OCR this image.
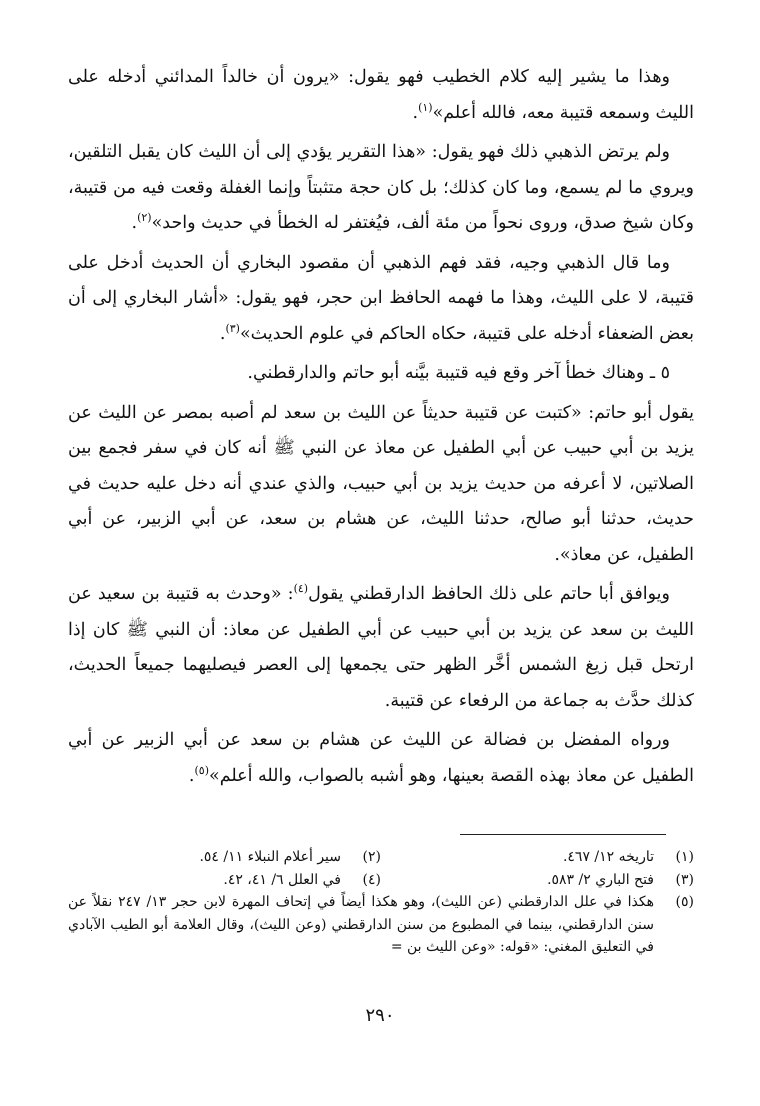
وهذا ما يشير إليه كلام الخطيب فهو يقول: «يرون أن خالداً المدائني أدخله على الليث وسمعه قتيبة معه، فالله أعلم»$^{(١)}$.

ولم يرتض الذهبي ذلك فهو يقول: «هذا التقرير يؤدي إلى أن الليث كان يقبل التلقين، ويروي ما لم يسمع، وما كان كذلك؛ بل كان حجة متثبتاً وإنما الغفلة وقعت فيه من قتيبة، وكان شيخ صدق، وروى نحواً من مئة ألف، فيُغتفر له الخطأ في حديث واحد»$^{(٢)}$.

وما قال الذهبي وجيه، فقد فهم الذهبي أن مقصود البخاري أن الحديث أدخل على قتيبة، لا على الليث، وهذا ما فهمه الحافظ ابن حجر، فهو يقول: «أشار البخاري إلى أن بعض الضعفاء أدخله على قتيبة، حكاه الحاكم في علوم الحديث»$^{(٣)}$.

٥ ـ وهناك خطأ آخر وقع فيه قتيبة بيَّنه أبو حاتم والدارقطني.

يقول أبو حاتم: «كتبت عن قتيبة حديثاً عن الليث بن سعد لم أصبه بمصر عن الليث عن يزيد بن أبي حبيب عن أبي الطفيل عن معاذ عن النبي ﷺ أنه كان في سفر فجمع بين الصلاتين، لا أعرفه من حديث يزيد بن أبي حبيب، والذي عندي أنه دخل عليه حديث في حديث، حدثنا أبو صالح، حدثنا الليث، عن هشام بن سعد، عن أبي الزبير، عن أبي الطفيل، عن معاذ».

ويوافق أبا حاتم على ذلك الحافظ الدارقطني يقول$^{(٤)}$: «وحدث به قتيبة بن سعيد عن الليث بن سعد عن يزيد بن أبي حبيب عن أبي الطفيل عن معاذ: أن النبي ﷺ كان إذا ارتحل قبل زيغ الشمس أخَّر الظهر حتى يجمعها إلى العصر فيصليهما جميعاً الحديث، كذلك حدَّث به جماعة من الرفعاء عن قتيبة.

ورواه المفضل بن فضالة عن الليث عن هشام بن سعد عن أبي الزبير عن أبي الطفيل عن معاذ بهذه القصة بعينها، وهو أشبه بالصواب، والله أعلم»$^{(٥)}$.

(١)
تاريخه ١٢/ ٤٦٧.
(٢)
سير أعلام النبلاء ١١/ ٥٤.
(٣)
فتح الباري ٢/ ٥٨٣.
(٤)
في العلل ٦/ ٤١، ٤٢.
(٥)
هكذا في علل الدارقطني (عن الليث)، وهو هكذا أيضاً في إتحاف المهرة لابن حجر ١٣/ ٢٤٧ نقلاً عن سنن الدارقطني، بينما في المطبوع من سنن الدارقطني (وعن الليث)، وقال العلامة أبو الطيب الآبادي في التعليق المغني: «قوله: «وعن الليث بن =
٢٩٠
